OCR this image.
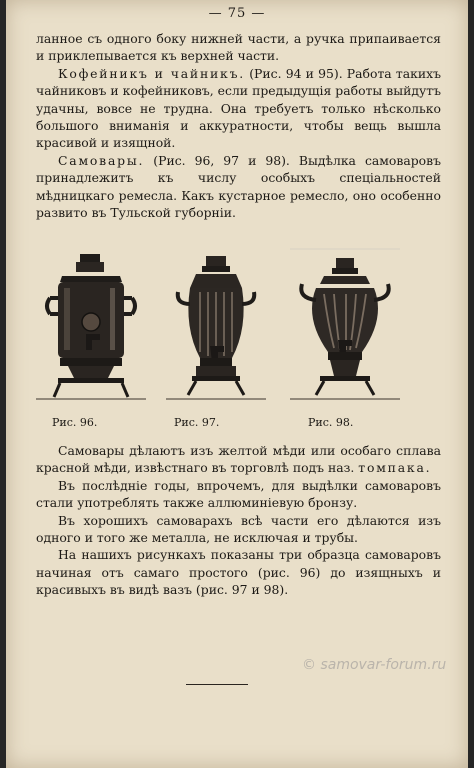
— 75 —

ланное съ одного боку нижней части, а ручка припаивается и приклепывается къ верхней части.

Кофейникъ и чайникъ. (Рис. 94 и 95). Работа такихъ чайниковъ и кофейниковъ, если предыдущія работы выйдутъ удачны, вовсе не трудна. Она требуетъ только нѣсколько большого вниманія и аккуратности, чтобы вещь вышла красивой и изящной.

Самовары. (Рис. 96, 97 и 98). Выдѣлка самоваровъ принадлежитъ къ числу особыхъ спеціальностей мѣдницкаго ремесла. Какъ кустарное ремесло, оно особенно развито въ Тульской губорніи.

Рис. 96.	Рис. 97.	Рис. 98.

Самовары дѣлаютъ изъ желтой мѣди или особаго сплава красной мѣди, извѣстнаго въ торговлѣ подъ наз. томпака.

Въ послѣдніе годы, впрочемъ, для выдѣлки самоваровъ стали употреблять также аллюминіевую бронзу.

Въ хорошихъ самоварахъ всѣ части его дѣлаются изъ одного и того же металла, не исключая и трубы.

На нашихъ рисункахъ показаны три образца самоваровъ начиная отъ самаго простого (рис. 96) до изящныхъ и красивыхъ въ видѣ вазъ (рис. 97 и 98).

© samovar-forum.ru
